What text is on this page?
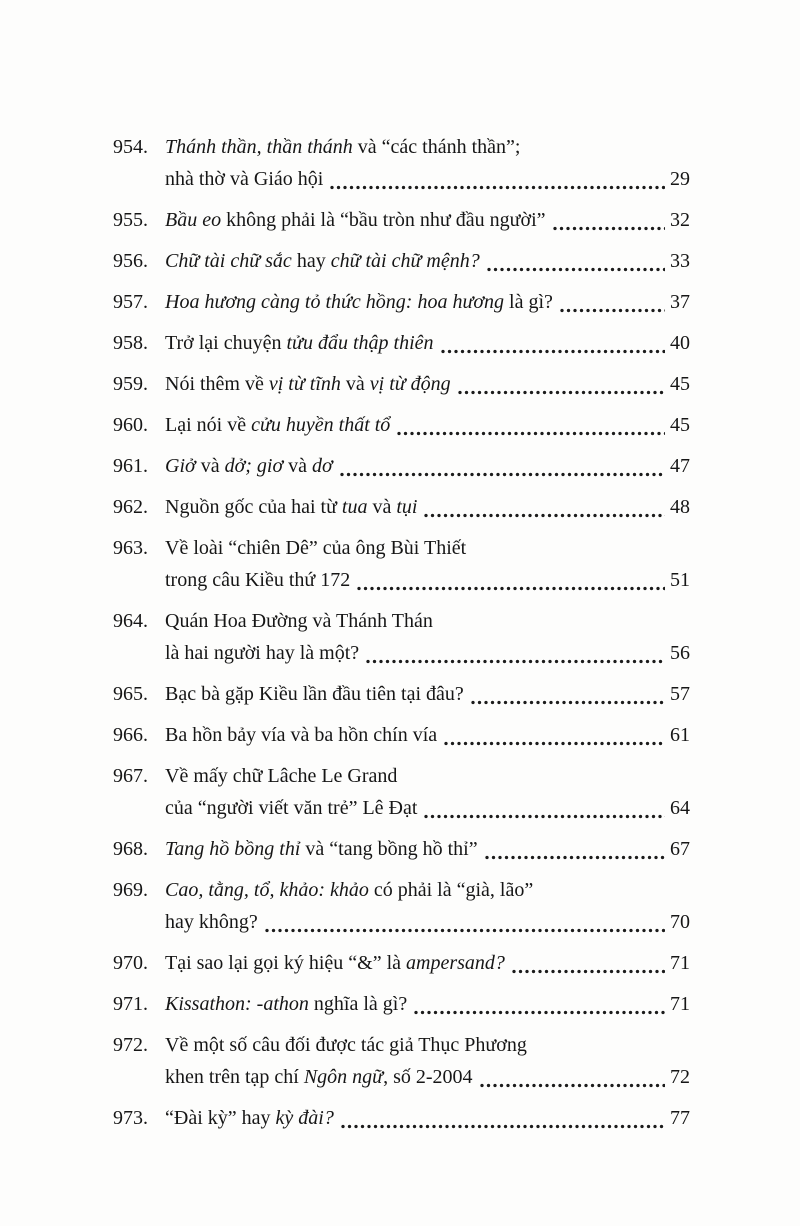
954. Thánh thần, thần thánh và “các thánh thần”;
nhà thờ và Giáo hội	29
955. Bầu eo không phải là “bầu tròn như đầu người”	32
956. Chữ tài chữ sắc hay chữ tài chữ mệnh?	33
957. Hoa hương càng tỏ thức hồng: hoa hương là gì?	37
958. Trở lại chuyện tửu đẩu thập thiên	40
959. Nói thêm về vị từ tĩnh và vị từ động	45
960. Lại nói về cửu huyền thất tổ	45
961. Giở và dở; giơ và dơ	47
962. Nguồn gốc của hai từ tua và tụi	48
963. Về loài “chiên Dê” của ông Bùi Thiết
trong câu Kiều thứ 172	51
964. Quán Hoa Đường và Thánh Thán
là hai người hay là một?	56
965. Bạc bà gặp Kiều lần đầu tiên tại đâu?	57
966. Ba hồn bảy vía và ba hồn chín vía	61
967. Về mấy chữ Lâche Le Grand
của “người viết văn trẻ” Lê Đạt	64
968. Tang hồ bồng thỉ và “tang bồng hồ thỉ”	67
969. Cao, tằng, tổ, khảo: khảo có phải là “già, lão”
hay không?	70
970. Tại sao lại gọi ký hiệu “&” là ampersand?	71
971. Kissathon: -athon nghĩa là gì?	71
972. Về một số câu đối được tác giả Thục Phương
khen trên tạp chí Ngôn ngữ, số 2-2004	72
973. “Đài kỳ” hay kỳ đài?	77
